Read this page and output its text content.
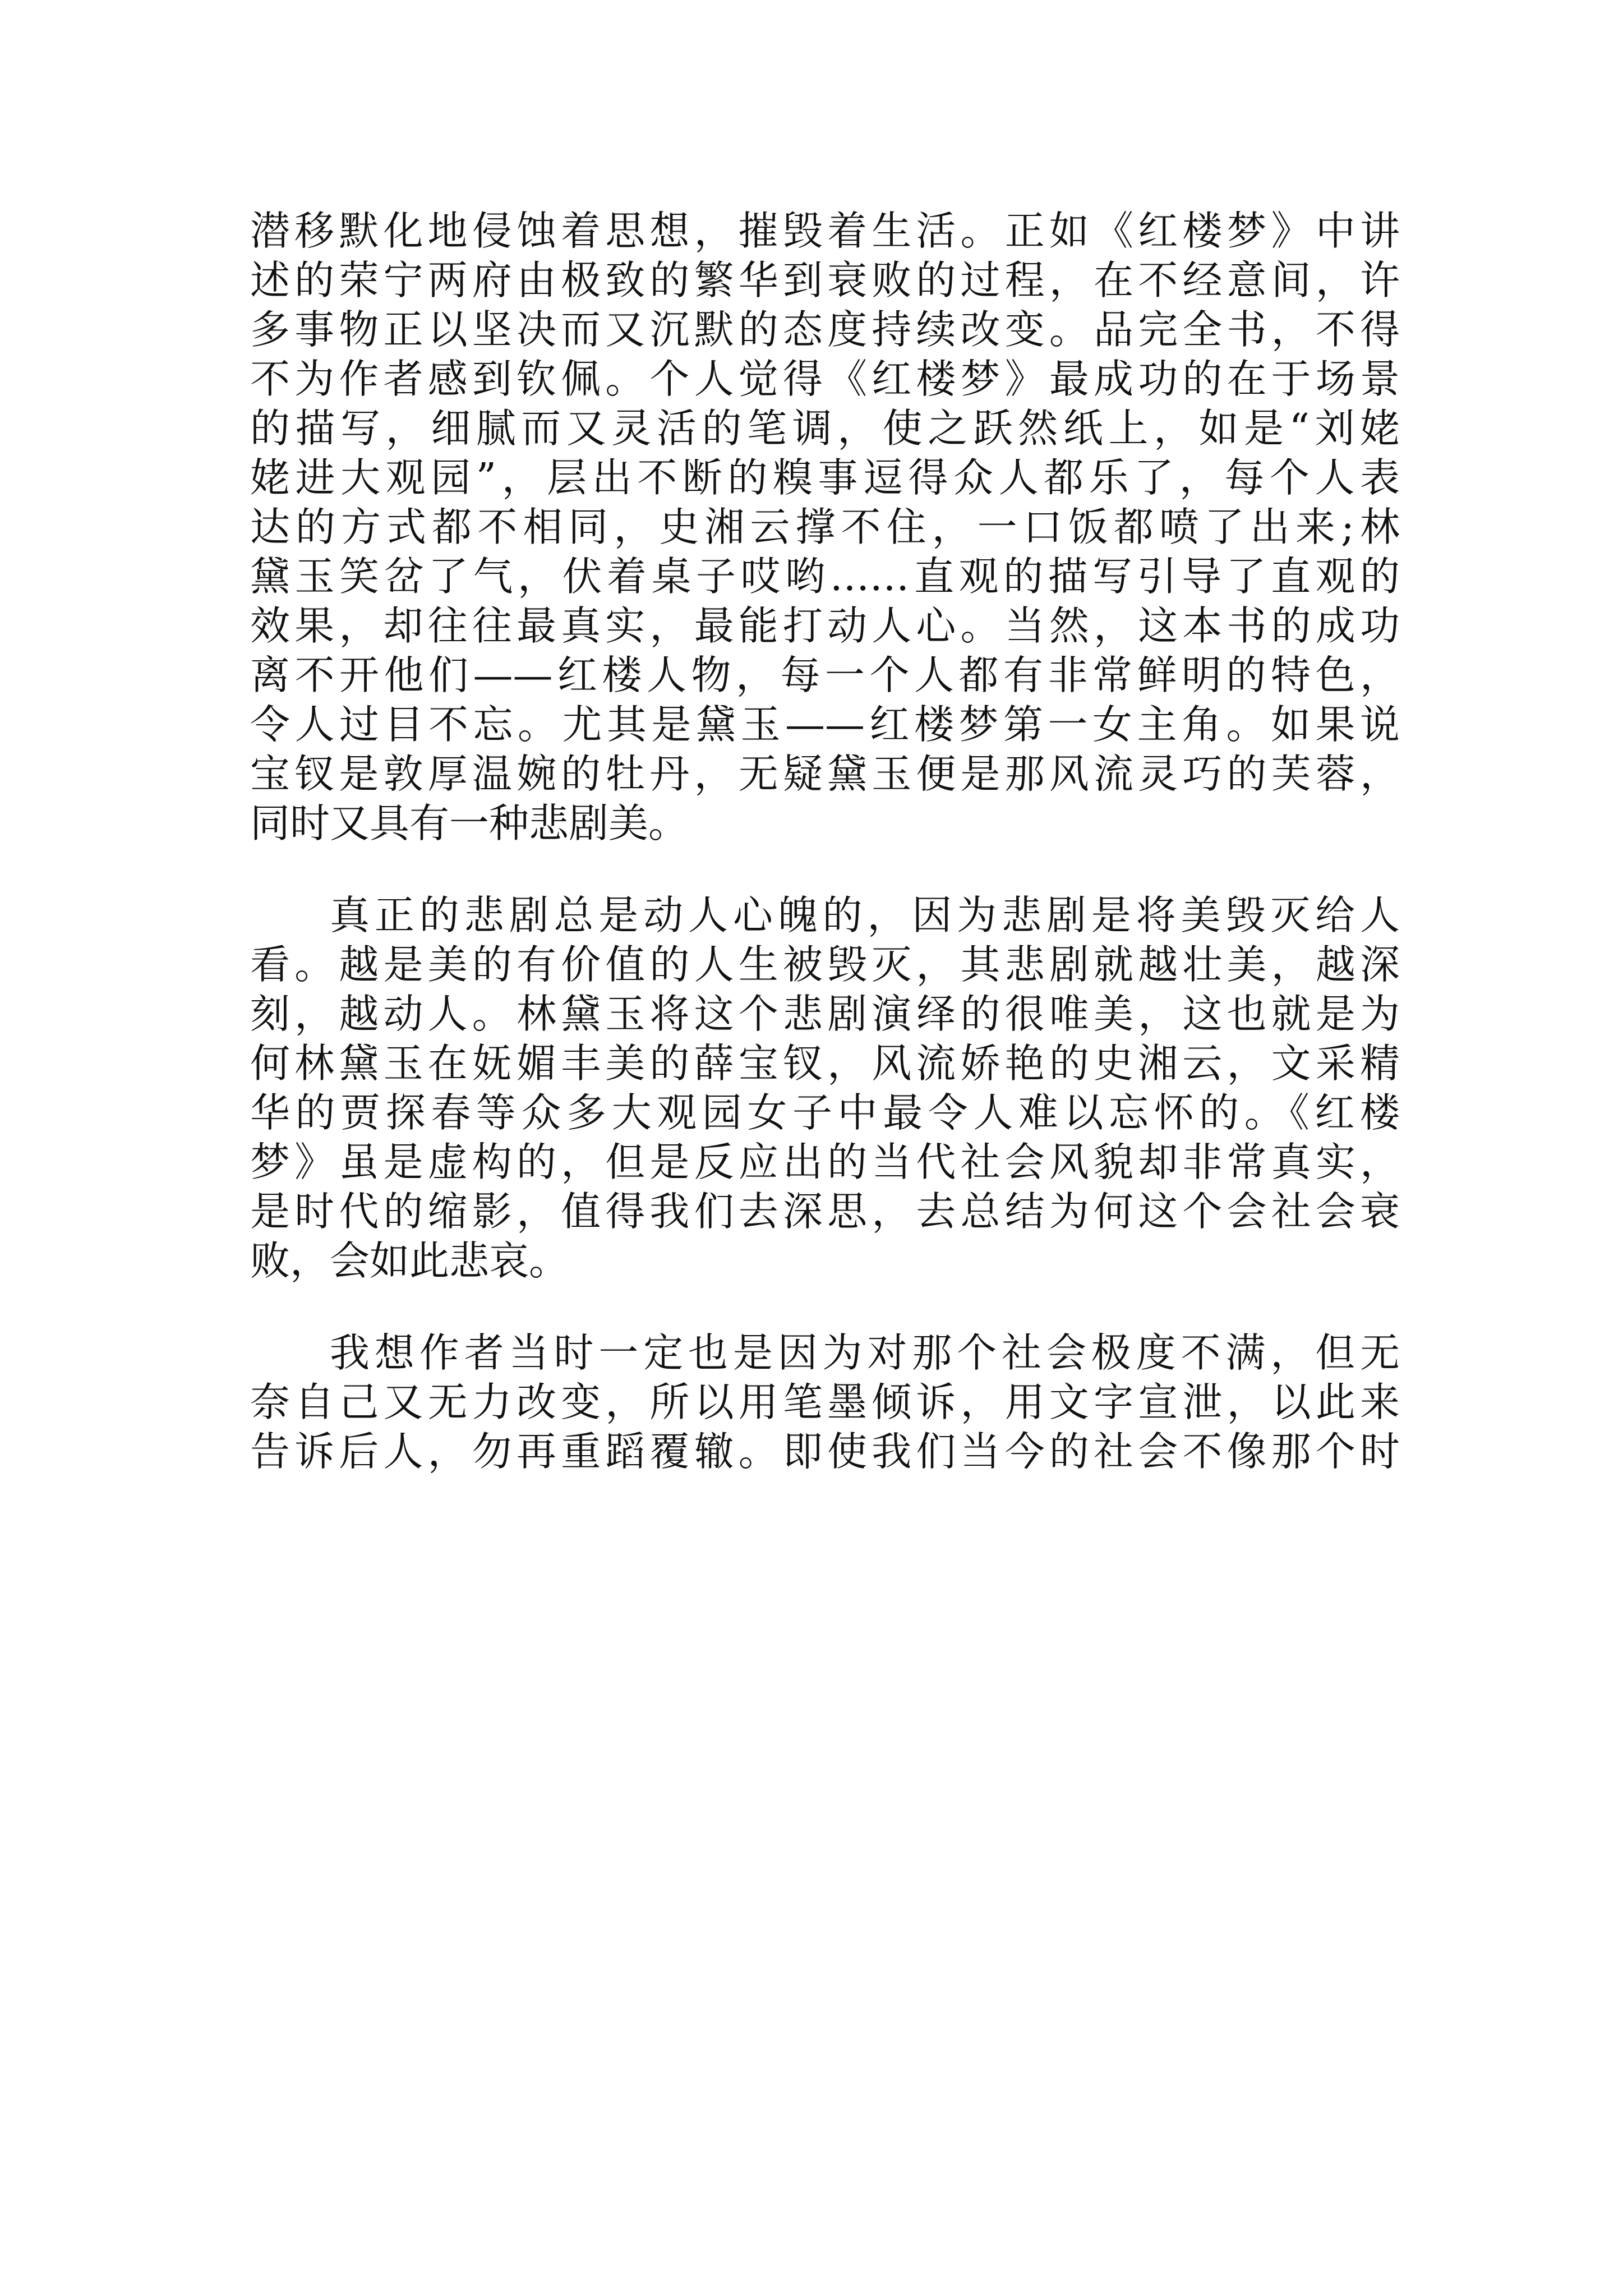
潜移默化地侵蚀着思想，摧毁着生活。正如《红楼梦》中讲
述的荣宁两府由极致的繁华到衰败的过程，在不经意间，许
多事物正以坚决而又沉默的态度持续改变。品完全书，不得
不为作者感到钦佩。个人觉得《红楼梦》最成功的在于场景
的描写，细腻而又灵活的笔调，使之跃然纸上，如是“刘姥
姥进大观园”，层出不断的糗事逗得众人都乐了，每个人表
达的方式都不相同，史湘云撑不住，一口饭都喷了出来;林
黛玉笑岔了气，伏着桌子哎哟……直观的描写引导了直观的
效果，却往往最真实，最能打动人心。当然，这本书的成功
离不开他们——红楼人物，每一个人都有非常鲜明的特色，
令人过目不忘。尤其是黛玉——红楼梦第一女主角。如果说
宝钗是敦厚温婉的牡丹，无疑黛玉便是那风流灵巧的芙蓉，
同时又具有一种悲剧美。
真正的悲剧总是动人心魄的，因为悲剧是将美毁灭给人
看。越是美的有价值的人生被毁灭，其悲剧就越壮美，越深
刻，越动人。林黛玉将这个悲剧演绎的很唯美，这也就是为
何林黛玉在妩媚丰美的薛宝钗，风流娇艳的史湘云，文采精
华的贾探春等众多大观园女子中最令人难以忘怀的。《红楼
梦》虽是虚构的，但是反应出的当代社会风貌却非常真实，
是时代的缩影，值得我们去深思，去总结为何这个会社会衰
败，会如此悲哀。
我想作者当时一定也是因为对那个社会极度不满，但无
奈自己又无力改变，所以用笔墨倾诉，用文字宣泄，以此来
告诉后人，勿再重蹈覆辙。即使我们当今的社会不像那个时
